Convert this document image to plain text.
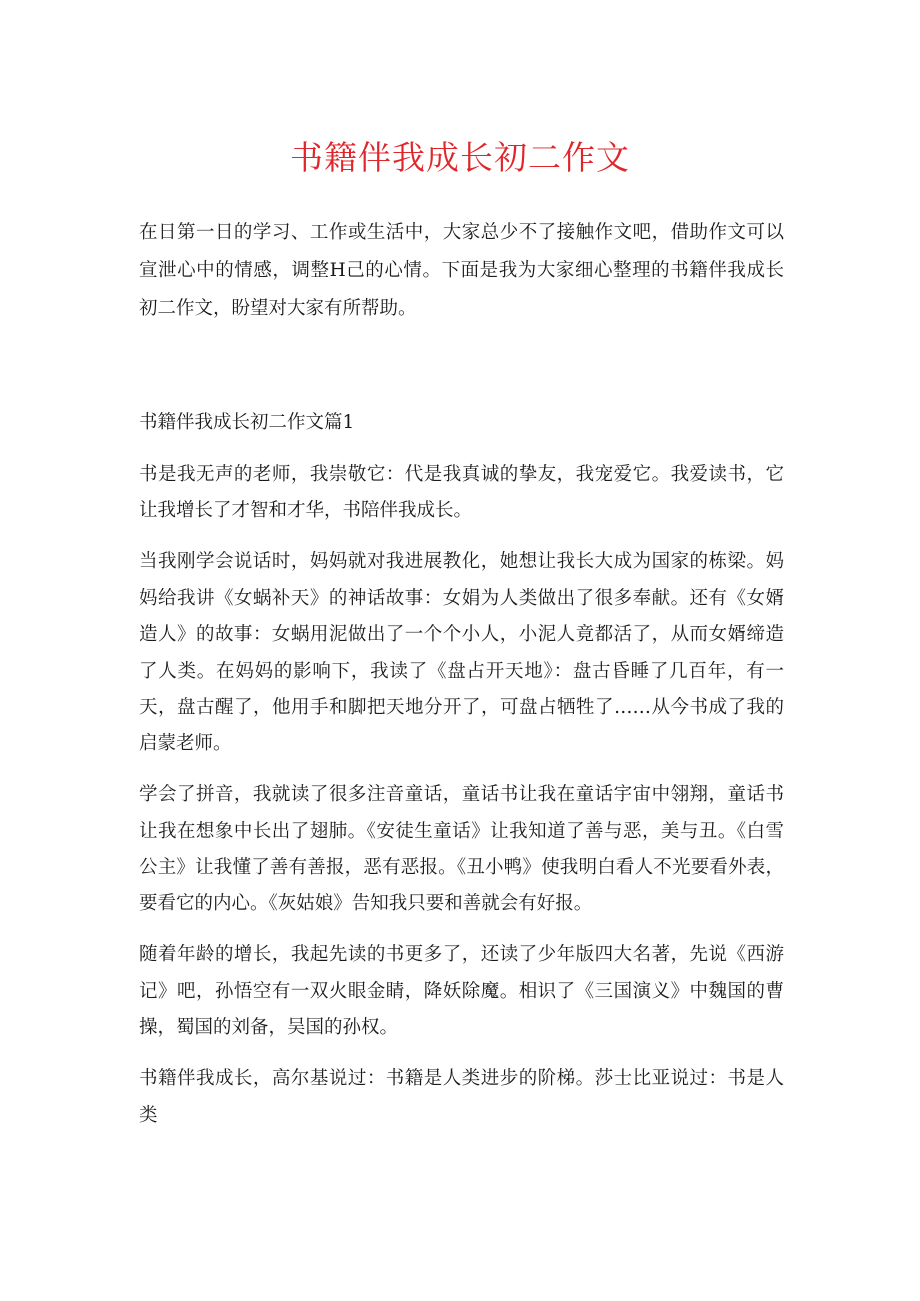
书籍伴我成长初二作文

在日第一日的学习、工作或生活中，大家总少不了接触作文吧，借助作文可以宣泄心中的情感，调整H己的心情。下面是我为大家细心整理的书籍伴我成长初二作文，盼望对大家有所帮助。

书籍伴我成长初二作文篇1

书是我无声的老师，我崇敬它：代是我真诚的挚友，我宠爱它。我爱读书，它让我增长了才智和才华，书陪伴我成长。

当我刚学会说话时，妈妈就对我进展教化，她想让我长大成为国家的栋梁。妈妈给我讲《女蜗补天》的神话故事：女娟为人类做出了很多奉献。还有《女婿造人》的故事：女蜗用泥做出了一个个小人，小泥人竟都活了，从而女婿缔造了人类。在妈妈的影响下，我读了《盘占开天地》：盘古昏睡了几百年，有一天，盘古醒了，他用手和脚把天地分开了，可盘占牺牲了……从今书成了我的启蒙老师。

学会了拼音，我就读了很多注音童话，童话书让我在童话宇宙中翎翔，童话书让我在想象中长出了翅肺。《安徒生童话》让我知道了善与恶，美与丑。《白雪公主》让我懂了善有善报，恶有恶报。《丑小鸭》使我明白看人不光要看外表，要看它的内心。《灰姑娘》告知我只要和善就会有好报。

随着年龄的增长，我起先读的书更多了，还读了少年版四大名著，先说《西游记》吧，孙悟空有一双火眼金睛，降妖除魔。相识了《三国演义》中魏国的曹操，蜀国的刘备，吴国的孙权。

书籍伴我成长，高尔基说过：书籍是人类进步的阶梯。莎士比亚说过：书是人类
